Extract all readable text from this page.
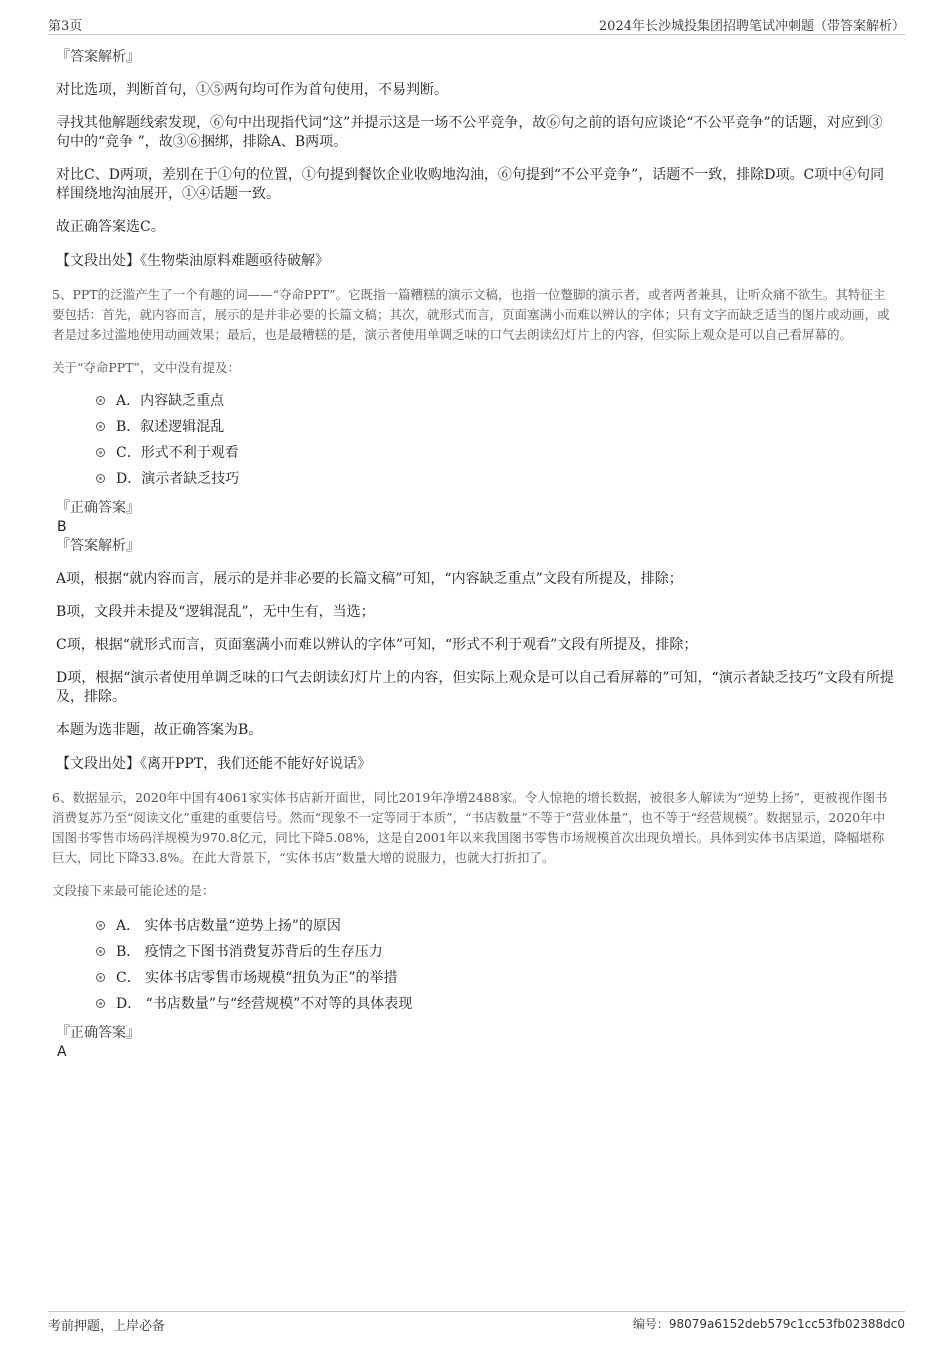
第3页	2024年长沙城投集团招聘笔试冲刺题（带答案解析）

『答案解析』

对比选项，判断首句，①⑤两句均可作为首句使用，不易判断。

寻找其他解题线索发现，⑥句中出现指代词“这”并提示这是一场不公平竞争，故⑥句之前的语句应谈论“不公平竞争”的话题，对应到③句中的“竞争 ”，故③⑥捆绑，排除A、B两项。

对比C、D两项，差别在于①句的位置，①句提到餐饮企业收购地沟油，⑥句提到“不公平竞争”，话题不一致，排除D项。C项中④句同样围绕地沟油展开，①④话题一致。

故正确答案选C。

【文段出处】《生物柴油原料难题亟待破解》

5、PPT的泛滥产生了一个有趣的词——“夺命PPT”。它既指一篇糟糕的演示文稿，也指一位蹩脚的演示者，或者两者兼具，让听众痛不欲生。其特征主要包括：首先，就内容而言，展示的是并非必要的长篇文稿；其次，就形式而言，页面塞满小而难以辨认的字体；只有文字而缺乏适当的图片或动画，或者是过多过滥地使用动画效果；最后，也是最糟糕的是，演示者使用单调乏味的口气去朗读幻灯片上的内容，但实际上观众是可以自己看屏幕的。

关于“夺命PPT”，文中没有提及：

A．内容缺乏重点
B．叙述逻辑混乱
C．形式不利于观看
D．演示者缺乏技巧

『正确答案』

B

『答案解析』

A项，根据“就内容而言，展示的是并非必要的长篇文稿”可知，“内容缺乏重点”文段有所提及，排除；

B项，文段并未提及“逻辑混乱”，无中生有，当选；

C项，根据“就形式而言，页面塞满小而难以辨认的字体”可知，“形式不利于观看”文段有所提及，排除；

D项，根据“演示者使用单调乏味的口气去朗读幻灯片上的内容，但实际上观众是可以自己看屏幕的”可知，“演示者缺乏技巧”文段有所提及，排除。

本题为选非题，故正确答案为B。

【文段出处】《离开PPT，我们还能不能好好说话》

6、数据显示，2020年中国有4061家实体书店新开面世，同比2019年净增2488家。令人惊艳的增长数据，被很多人解读为“逆势上扬”，更被视作图书消费复苏乃至“阅读文化”重建的重要信号。然而“现象不一定等同于本质”，“书店数量”不等于“营业体量”，也不等于“经营规模”。数据显示，2020年中国图书零售市场码洋规模为970.8亿元，同比下降5.08%，这是自2001年以来我国图书零售市场规模首次出现负增长。具体到实体书店渠道，降幅堪称巨大，同比下降33.8%。在此大背景下，“实体书店”数量大增的说服力，也就大打折扣了。

文段接下来最可能论述的是：

A． 实体书店数量“逆势上扬”的原因
B． 疫情之下图书消费复苏背后的生存压力
C． 实体书店零售市场规模“扭负为正”的举措
D． “书店数量”与“经营规模”不对等的具体表现

『正确答案』

A

考前押题，上岸必备	编号：98079a6152deb579c1cc53fb02388dc0
